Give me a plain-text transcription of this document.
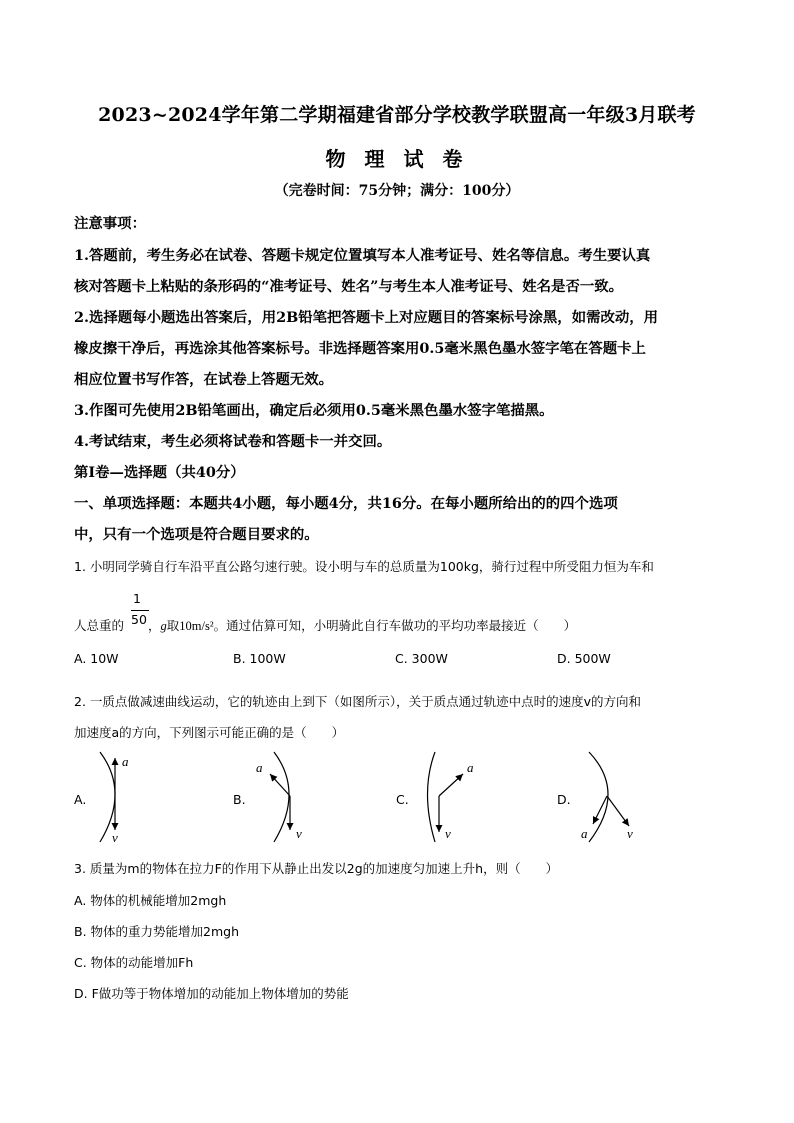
2023~2024学年第二学期福建省部分学校教学联盟高一年级3月联考
物 理 试 卷
（完卷时间：75分钟；满分：100分）
注意事项：
1.答题前，考生务必在试卷、答题卡规定位置填写本人准考证号、姓名等信息。考生要认真
核对答题卡上粘贴的条形码的“准考证号、姓名”与考生本人准考证号、姓名是否一致。
2.选择题每小题选出答案后，用2B铅笔把答题卡上对应题目的答案标号涂黑，如需改动，用
橡皮擦干净后，再选涂其他答案标号。非选择题答案用0.5毫米黑色墨水签字笔在答题卡上
相应位置书写作答，在试卷上答题无效。
3.作图可先使用2B铅笔画出，确定后必须用0.5毫米黑色墨水签字笔描黑。
4.考试结束，考生必须将试卷和答题卡一并交回。
第Ⅰ卷—选择题（共40分）
一、单项选择题：本题共4小题，每小题4分，共16分。在每小题所给出的的四个选项
中，只有一个选项是符合题目要求的。
1. 小明同学骑自行车沿平直公路匀速行驶。设小明与车的总质量为100kg，骑行过程中所受阻力恒为车和
1
50
人总重的 ，g取10m/s²。通过估算可知，小明骑此自行车做功的平均功率最接近（　　）
A. 10W	B. 100W	C. 300W	D. 500W
2. 一质点做减速曲线运动，它的轨迹由上到下（如图所示），关于质点通过轨迹中点时的速度v的方向和
加速度a的方向，下列图示可能正确的是（　　）
A.	B.	C.	D.
a
v
a
v
a
v	a	v
3. 质量为m的物体在拉力F的作用下从静止出发以2g的加速度匀加速上升h，则（　　）
A. 物体的机械能增加2mgh
B. 物体的重力势能增加2mgh
C. 物体的动能增加Fh
D. F做功等于物体增加的动能加上物体增加的势能
